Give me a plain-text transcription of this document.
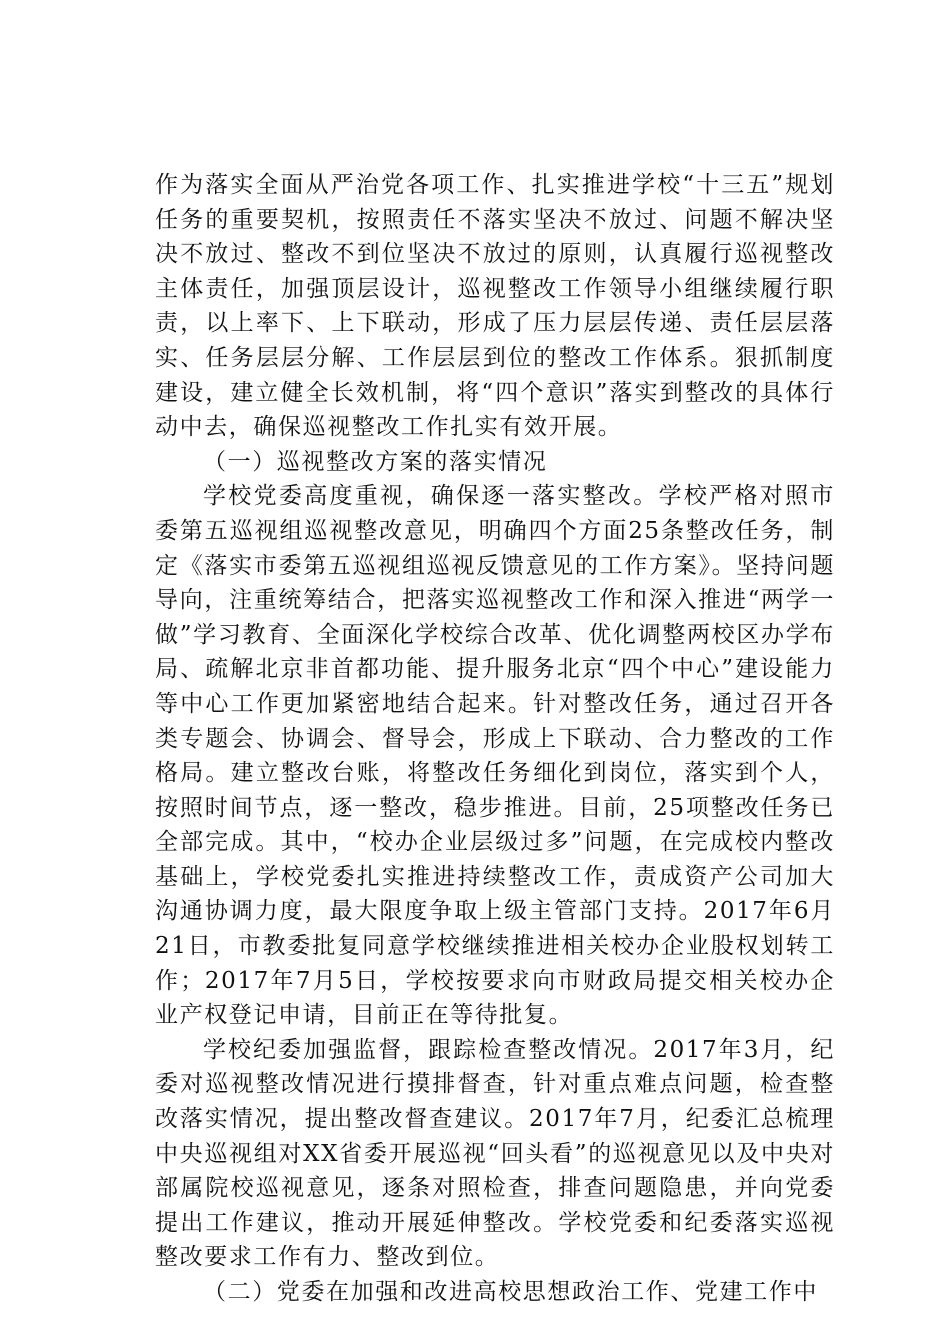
作为落实全面从严治党各项工作、扎实推进学校“十三五”规划任务的重要契机，按照责任不落实坚决不放过、问题不解决坚决不放过、整改不到位坚决不放过的原则，认真履行巡视整改主体责任，加强顶层设计，巡视整改工作领导小组继续履行职责，以上率下、上下联动，形成了压力层层传递、责任层层落实、任务层层分解、工作层层到位的整改工作体系。狠抓制度建设，建立健全长效机制，将“四个意识”落实到整改的具体行动中去，确保巡视整改工作扎实有效开展。

（一）巡视整改方案的落实情况

学校党委高度重视，确保逐一落实整改。学校严格对照市委第五巡视组巡视整改意见，明确四个方面25条整改任务，制定《落实市委第五巡视组巡视反馈意见的工作方案》。坚持问题导向，注重统筹结合，把落实巡视整改工作和深入推进“两学一做”学习教育、全面深化学校综合改革、优化调整两校区办学布局、疏解北京非首都功能、提升服务北京“四个中心”建设能力等中心工作更加紧密地结合起来。针对整改任务，通过召开各类专题会、协调会、督导会，形成上下联动、合力整改的工作格局。建立整改台账，将整改任务细化到岗位，落实到个人，按照时间节点，逐一整改，稳步推进。目前，25项整改任务已全部完成。其中，“校办企业层级过多”问题，在完成校内整改基础上，学校党委扎实推进持续整改工作，责成资产公司加大沟通协调力度，最大限度争取上级主管部门支持。2017年6月21日，市教委批复同意学校继续推进相关校办企业股权划转工作；2017年7月5日，学校按要求向市财政局提交相关校办企业产权登记申请，目前正在等待批复。

学校纪委加强监督，跟踪检查整改情况。2017年3月，纪委对巡视整改情况进行摸排督查，针对重点难点问题，检查整改落实情况，提出整改督查建议。2017年7月，纪委汇总梳理中央巡视组对XX省委开展巡视“回头看”的巡视意见以及中央对部属院校巡视意见，逐条对照检查，排查问题隐患，并向党委提出工作建议，推动开展延伸整改。学校党委和纪委落实巡视整改要求工作有力、整改到位。

（二）党委在加强和改进高校思想政治工作、党建工作中
